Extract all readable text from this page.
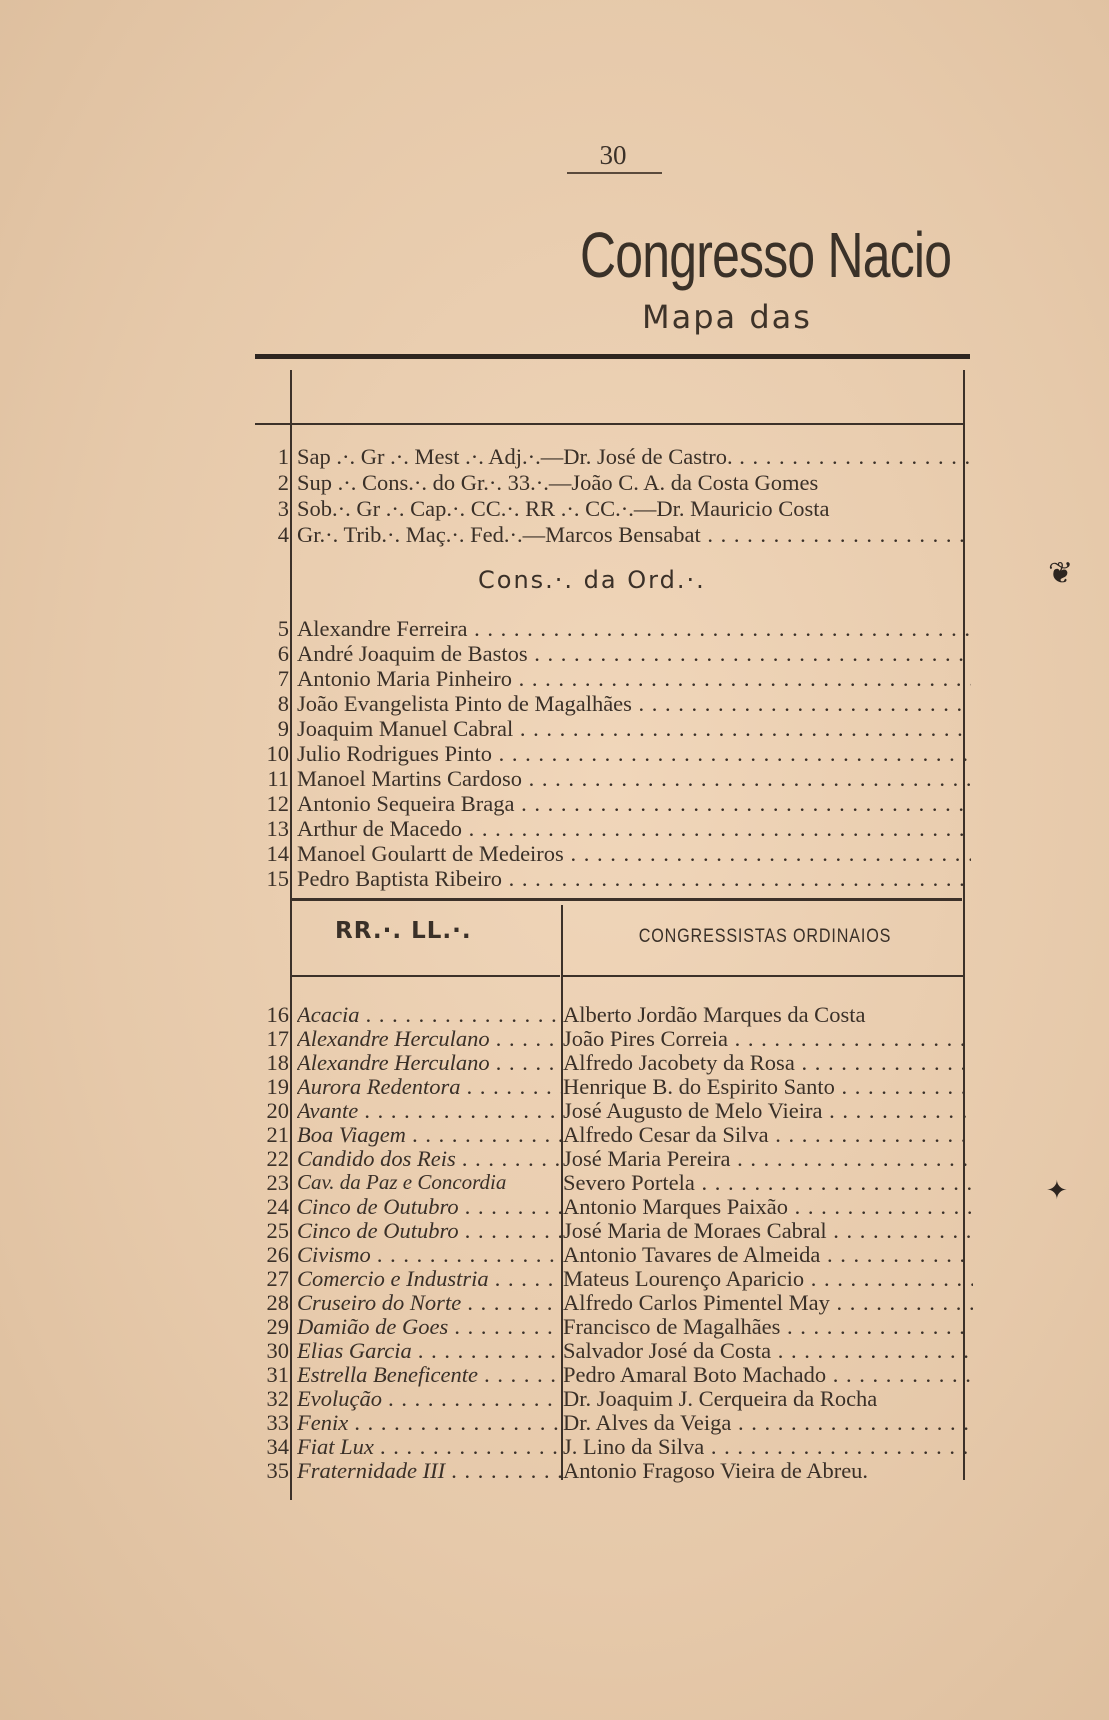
30
Congresso Nacio
Mapa das
1 Sap .·. Gr .·. Mest .·. Adj.·.—Dr. José de Castro. . . .
2 Sup .·. Cons.·. do Gr.·. 33.·.—João C. A. da Costa Gomes
3 Sob.·. Gr .·. Cap.·. CC.·. RR .·. CC.·.—Dr. Mauricio Costa
4 Gr.·. Trib.·. Maç.·. Fed.·.—Marcos Bensabat . . .
Cons.·. da Ord.·.	❦
5 Alexandre Ferreira . . .
6 André Joaquim de Bastos . . .
7 Antonio Maria Pinheiro . . .
8 João Evangelista Pinto de Magalhães . . .
9 Joaquim Manuel Cabral . . .
10 Julio Rodrigues Pinto . . .
11 Manoel Martins Cardoso . . .
12 Antonio Sequeira Braga . . .
13 Arthur de Macedo . . .
14 Manoel Goulartt de Medeiros . . .
15 Pedro Baptista Ribeiro . . .
RR.·. LL.·.	CONGRESSISTAS ORDINAIOS
✦
16 Acacia . . .	Alberto Jordão Marques da Costa
17 Alexandre Herculano . . .	João Pires Correia . . .
18 Alexandre Herculano . . .	Alfredo Jacobety da Rosa . . .
19 Aurora Redentora . . .	Henrique B. do Espirito Santo . . .
20 Avante . . .	José Augusto de Melo Vieira . . .
21 Boa Viagem . . .	Alfredo Cesar da Silva . . .
22 Candido dos Reis . . .	José Maria Pereira . . .
23 Cav. da Paz e Concordia	Severo Portela . . .
24 Cinco de Outubro . . .	Antonio Marques Paixão . . .
25 Cinco de Outubro . . .	José Maria de Moraes Cabral . . .
26 Civismo . . .	Antonio Tavares de Almeida . . .
27 Comercio e Industria . . .	Mateus Lourenço Aparicio . . .
28 Cruseiro do Norte . . .	Alfredo Carlos Pimentel May . . .
29 Damião de Goes . . .	Francisco de Magalhães . . .
30 Elias Garcia . . .	Salvador José da Costa . . .
31 Estrella Beneficente . . .	Pedro Amaral Boto Machado . . .
32 Evolução . . .	Dr. Joaquim J. Cerqueira da Rocha
33 Fenix . . .	Dr. Alves da Veiga . . .
34 Fiat Lux . . .	J. Lino da Silva . . .
35 Fraternidade III . . .	Antonio Fragoso Vieira de Abreu.
